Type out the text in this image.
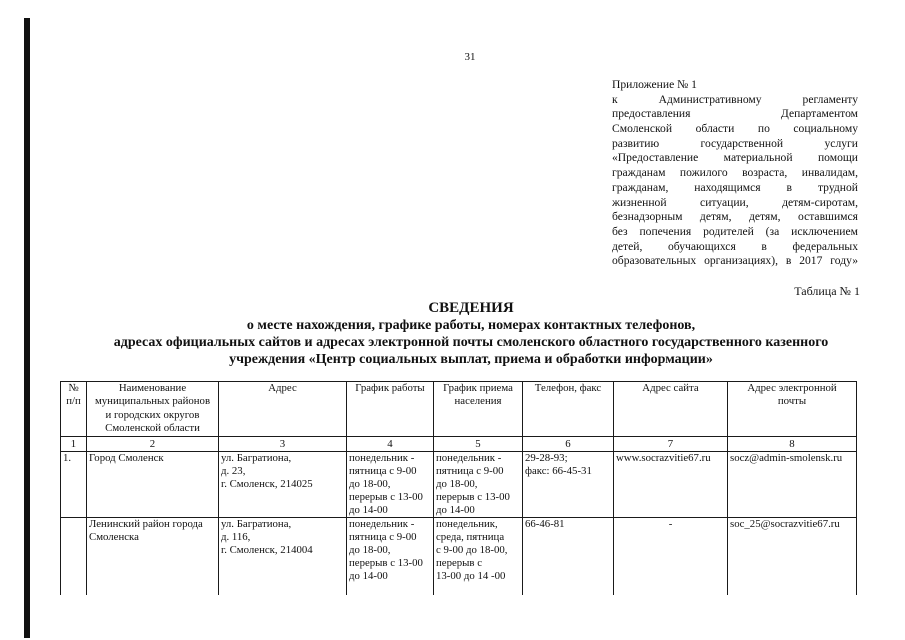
31
Приложение № 1
к Административному регламенту
предоставления Департаментом
Смоленской области по социальному
развитию государственной услуги
«Предоставление материальной помощи
гражданам пожилого возраста, инвалидам,
гражданам, находящимся в трудной
жизненной ситуации, детям-сиротам,
безнадзорным детям, детям, оставшимся
без попечения родителей (за исключением
детей, обучающихся в федеральных
образовательных организациях), в 2017 году»
Таблица № 1
СВЕДЕНИЯ
о месте нахождения, графике работы, номерах контактных телефонов,
адресах официальных сайтов и адресах электронной почты смоленского областного государственного казенного
учреждения «Центр социальных выплат, приема и обработки информации»
№
п/п	Наименование
муниципальных районов
и городских округов
Смоленской области	Адрес	График работы	График приема
населения	Телефон, факс	Адрес сайта	Адрес электронной
почты
1	2	3	4	5	6	7	8
1.	Город Смоленск	ул. Багратиона,
д. 23,
г. Смоленск, 214025	понедельник -
пятница с 9-00
до 18-00,
перерыв с 13-00
до 14-00	понедельник -
пятница с 9-00
до 18-00,
перерыв с 13-00
до 14-00	29-28-93;
факс: 66-45-31	www.socrazvitie67.ru	socz@admin-smolensk.ru
	Ленинский район города
Смоленска	ул. Багратиона,
д. 116,
г. Смоленск, 214004	понедельник -
пятница с 9-00
до 18-00,
перерыв с 13-00
до 14-00	понедельник,
среда, пятница
с 9-00 до 18-00,
перерыв с
13-00 до 14 -00	66-46-81	-	soc_25@socrazvitie67.ru
